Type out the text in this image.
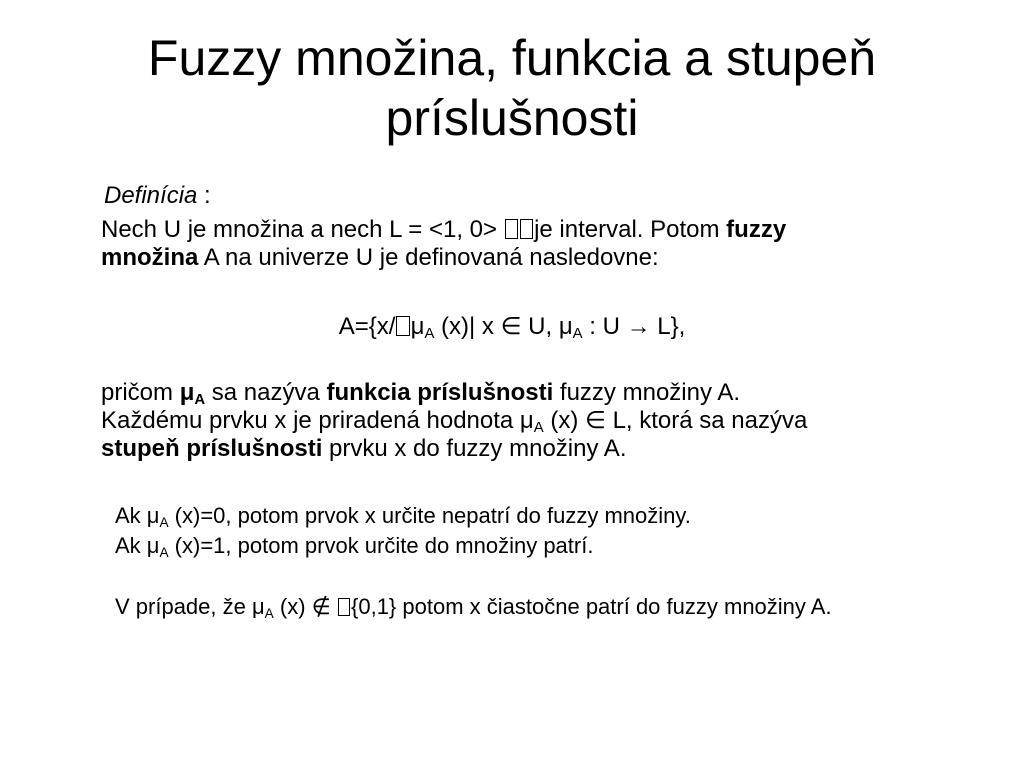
Fuzzy množina, funkcia a stupeň
príslušnosti
Definícia :
Nech U je množina a nech L = <1, 0> je interval. Potom fuzzy
množina A na univerze U je definovaná nasledovne:
A={x/ $\mu_A$ (x)| x ∈ U, $\mu_A$ : U → L},
pričom $\mu_A$ sa nazýva funkcia príslušnosti fuzzy množiny A.
Každému prvku x je priradená hodnota $\mu_A$ (x) ∈ L, ktorá sa nazýva
stupeň príslušnosti prvku x do fuzzy množiny A.
Ak $\mu_A$ (x)=0, potom prvok x určite nepatrí do fuzzy množiny.
Ak $\mu_A$ (x)=1, potom prvok určite do množiny patrí.
V prípade, že $\mu_A$ (x) ∉ {0,1} potom x čiastočne patrí do fuzzy množiny A.
